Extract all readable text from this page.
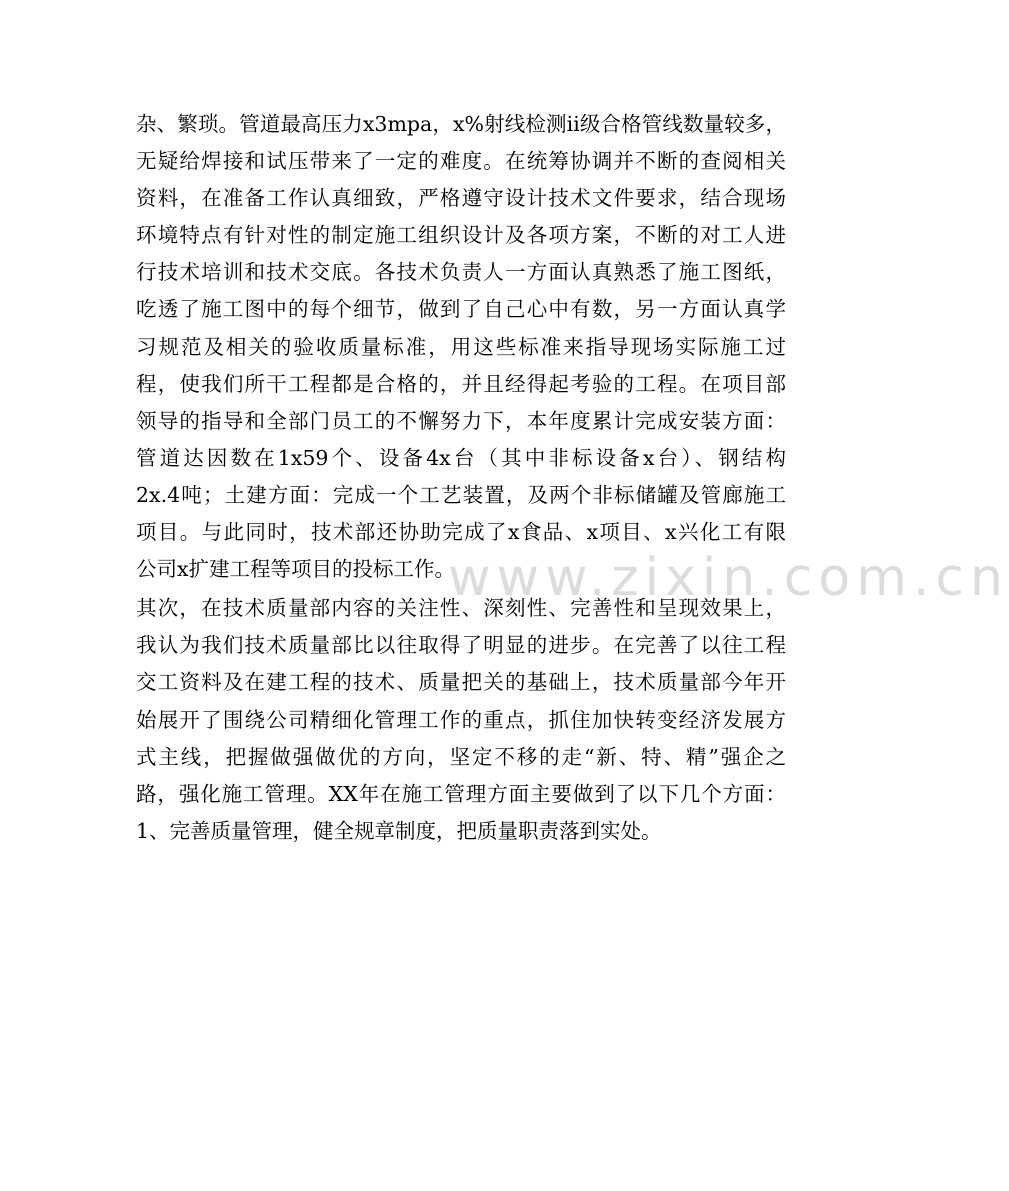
www.zixin.com.cn
杂、繁琐。管道最高压力x3mpa，x%射线检测ii级合格管线数量较多，
无疑给焊接和试压带来了一定的难度。在统筹协调并不断的查阅相关
资料，在准备工作认真细致，严格遵守设计技术文件要求，结合现场
环境特点有针对性的制定施工组织设计及各项方案，不断的对工人进
行技术培训和技术交底。各技术负责人一方面认真熟悉了施工图纸，
吃透了施工图中的每个细节，做到了自己心中有数，另一方面认真学
习规范及相关的验收质量标准，用这些标准来指导现场实际施工过
程，使我们所干工程都是合格的，并且经得起考验的工程。在项目部
领导的指导和全部门员工的不懈努力下，本年度累计完成安装方面：
管道达因数在1x59个、设备4x台（其中非标设备x台）、钢结构
2x.4吨；土建方面：完成一个工艺装置，及两个非标储罐及管廊施工
项目。与此同时，技术部还协助完成了x食品、x项目、x兴化工有限
公司x扩建工程等项目的投标工作。
其次，在技术质量部内容的关注性、深刻性、完善性和呈现效果上，
我认为我们技术质量部比以往取得了明显的进步。在完善了以往工程
交工资料及在建工程的技术、质量把关的基础上，技术质量部今年开
始展开了围绕公司精细化管理工作的重点，抓住加快转变经济发展方
式主线，把握做强做优的方向，坚定不移的走“新、特、精”强企之
路，强化施工管理。XX年在施工管理方面主要做到了以下几个方面：
1、完善质量管理，健全规章制度，把质量职责落到实处。
